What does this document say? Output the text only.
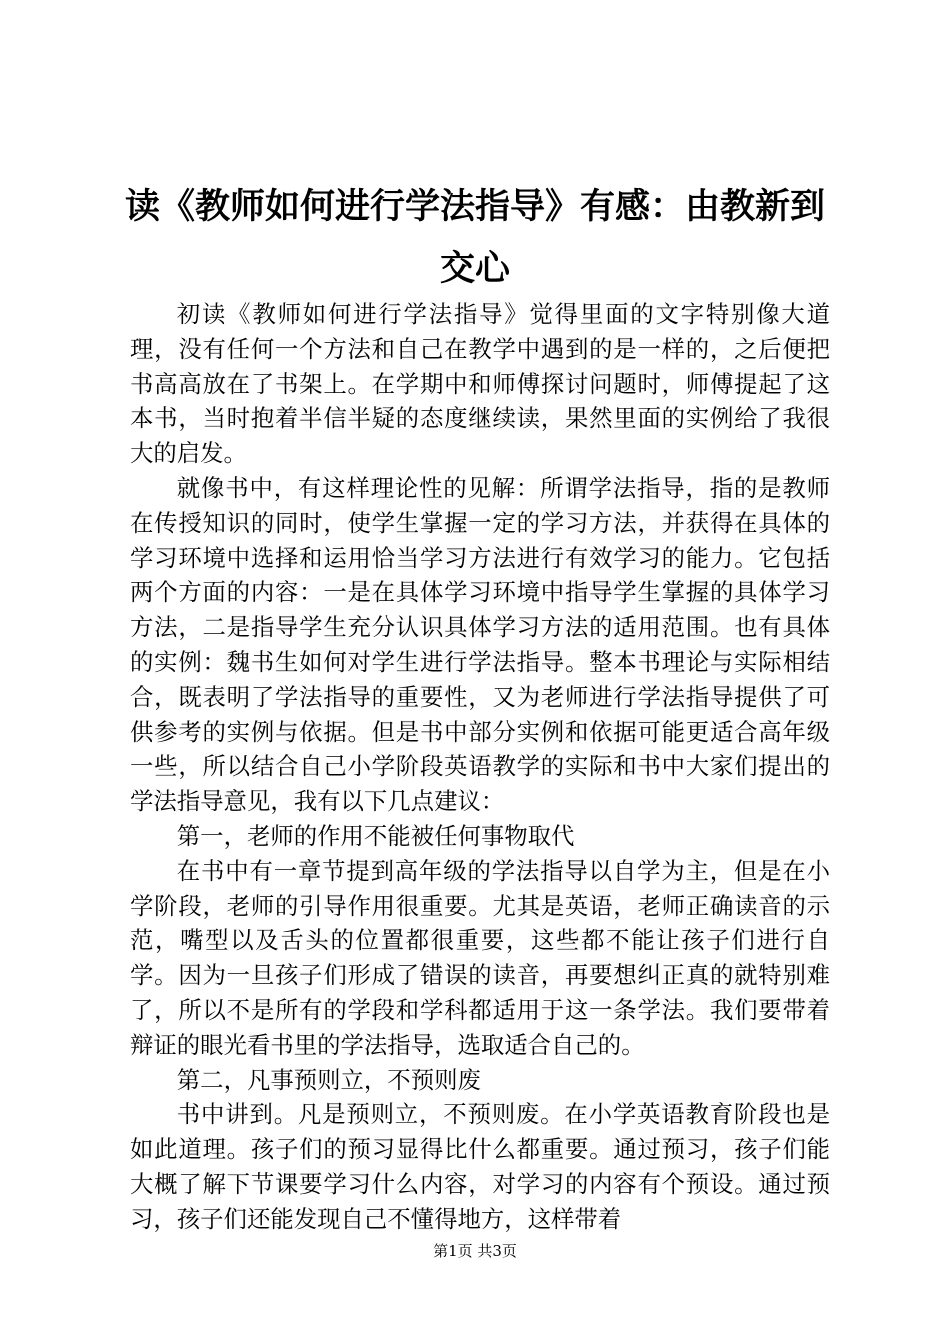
读《教师如何进行学法指导》有感：由教新到交心

初读《教师如何进行学法指导》觉得里面的文字特别像大道理，没有任何一个方法和自己在教学中遇到的是一样的，之后便把书高高放在了书架上。在学期中和师傅探讨问题时，师傅提起了这本书，当时抱着半信半疑的态度继续读，果然里面的实例给了我很大的启发。

就像书中，有这样理论性的见解：所谓学法指导，指的是教师在传授知识的同时，使学生掌握一定的学习方法，并获得在具体的学习环境中选择和运用恰当学习方法进行有效学习的能力。它包括两个方面的内容：一是在具体学习环境中指导学生掌握的具体学习方法，二是指导学生充分认识具体学习方法的适用范围。也有具体的实例：魏书生如何对学生进行学法指导。整本书理论与实际相结合，既表明了学法指导的重要性，又为老师进行学法指导提供了可供参考的实例与依据。但是书中部分实例和依据可能更适合高年级一些，所以结合自己小学阶段英语教学的实际和书中大家们提出的学法指导意见，我有以下几点建议：

第一，老师的作用不能被任何事物取代

在书中有一章节提到高年级的学法指导以自学为主，但是在小学阶段，老师的引导作用很重要。尤其是英语，老师正确读音的示范，嘴型以及舌头的位置都很重要，这些都不能让孩子们进行自学。因为一旦孩子们形成了错误的读音，再要想纠正真的就特别难了，所以不是所有的学段和学科都适用于这一条学法。我们要带着辩证的眼光看书里的学法指导，选取适合自己的。

第二，凡事预则立，不预则废

书中讲到。凡是预则立，不预则废。在小学英语教育阶段也是如此道理。孩子们的预习显得比什么都重要。通过预习，孩子们能大概了解下节课要学习什么内容，对学习的内容有个预设。通过预习，孩子们还能发现自己不懂得地方，这样带着

第1页 共3页
